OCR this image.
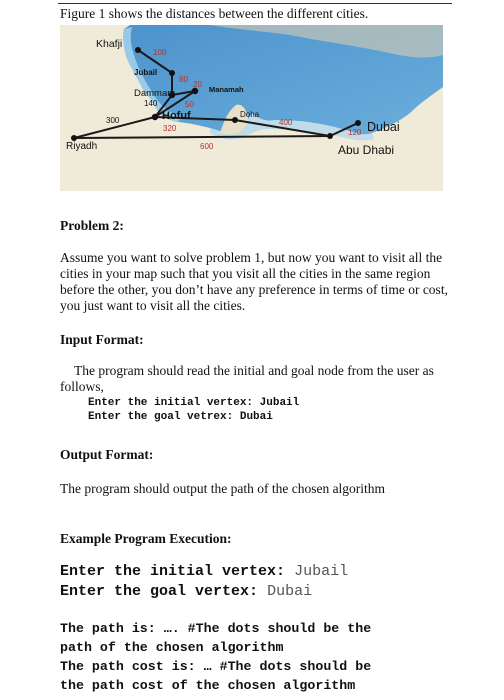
Figure 1 shows the distances between the different cities.
Khafji
Jubail
Dammam	Manamah
Hofuf	Doha
Dubai
Abu Dhabi
Riyadh
100
80
20
140	50
300
320
400
600
120
Problem 2:
Assume you want to solve problem 1, but now you want to visit all the cities in your map such that you visit all the cities in the same region before the other, you don’t have any preference in terms of time or cost, you just want to visit all the cities.
Input Format:
The program should read the initial and goal node from the user as follows,
Enter the initial vertex: Jubail
Enter the goal vetrex: Dubai
Output Format:
The program should output the path of the chosen algorithm
Example Program Execution:
Enter the initial vertex: Jubail
Enter the goal vertex: Dubai
The path is: …. #The dots should be the
path of the chosen algorithm
The path cost is: … #The dots should be
the path cost of the chosen algorithm
